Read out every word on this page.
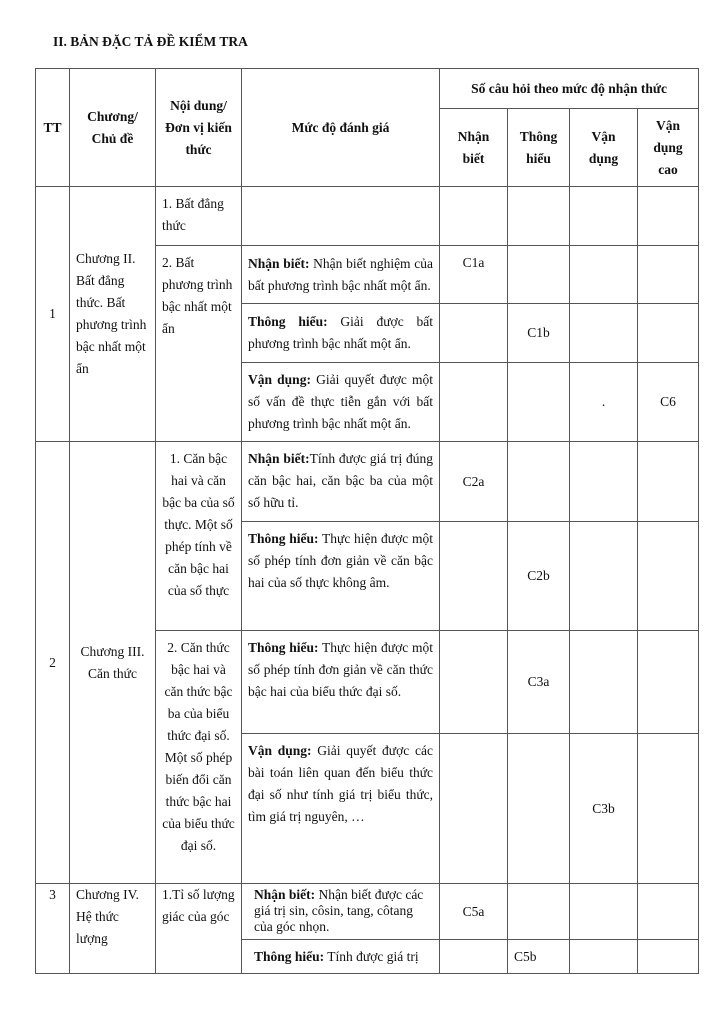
II. BẢN ĐẶC TẢ ĐỀ KIỂM TRA
TT	Chương/ Chủ đề	Nội dung/Đơn vị kiến thức	Mức độ đánh giá	Số câu hỏi theo mức độ nhận thức			
				Nhận biết	Thông hiểu	Vận dụng	Vận dụng cao
1	Chương II. Bất đẳng thức. Bất phương trình bậc nhất một ẩn	1. Bất đẳng thức					
		2. Bất phương trình bậc nhất một ẩn	Nhận biết: Nhận biết nghiệm của bất phương trình bậc nhất một ẩn.	C1a			
			Thông hiểu: Giải được bất phương trình bậc nhất một ẩn.		C1b		
			Vận dụng: Giải quyết được một số vấn đề thực tiễn gắn với bất phương trình bậc nhất một ẩn.			.	C6
2	Chương III. Căn thức	1. Căn bậc hai và căn bậc ba của số thực. Một số phép tính về căn bậc hai của số thực	Nhận biết:Tính được giá trị đúng căn bậc hai, căn bậc ba của một số hữu tỉ.	C2a			
			Thông hiểu: Thực hiện được một số phép tính đơn giản về căn bậc hai của số thực không âm.		C2b		
		2. Căn thức bậc hai và căn thức bậc ba của biểu thức đại số. Một số phép biến đổi căn thức bậc hai của biểu thức đại số.	Thông hiểu: Thực hiện được một số phép tính đơn giản về căn thức bậc hai của biểu thức đại số.		C3a		
			Vận dụng: Giải quyết được các bài toán liên quan đến biểu thức đại số như tính giá trị biểu thức, tìm giá trị nguyên, …			C3b	
3	Chương IV. Hệ thức lượng	1.Tỉ số lượng giác của góc	Nhận biết: Nhận biết được các giá trị sin, côsin, tang, côtang của góc nhọn.	C5a			
			Thông hiểu: Tính được giá trị		C5b		
